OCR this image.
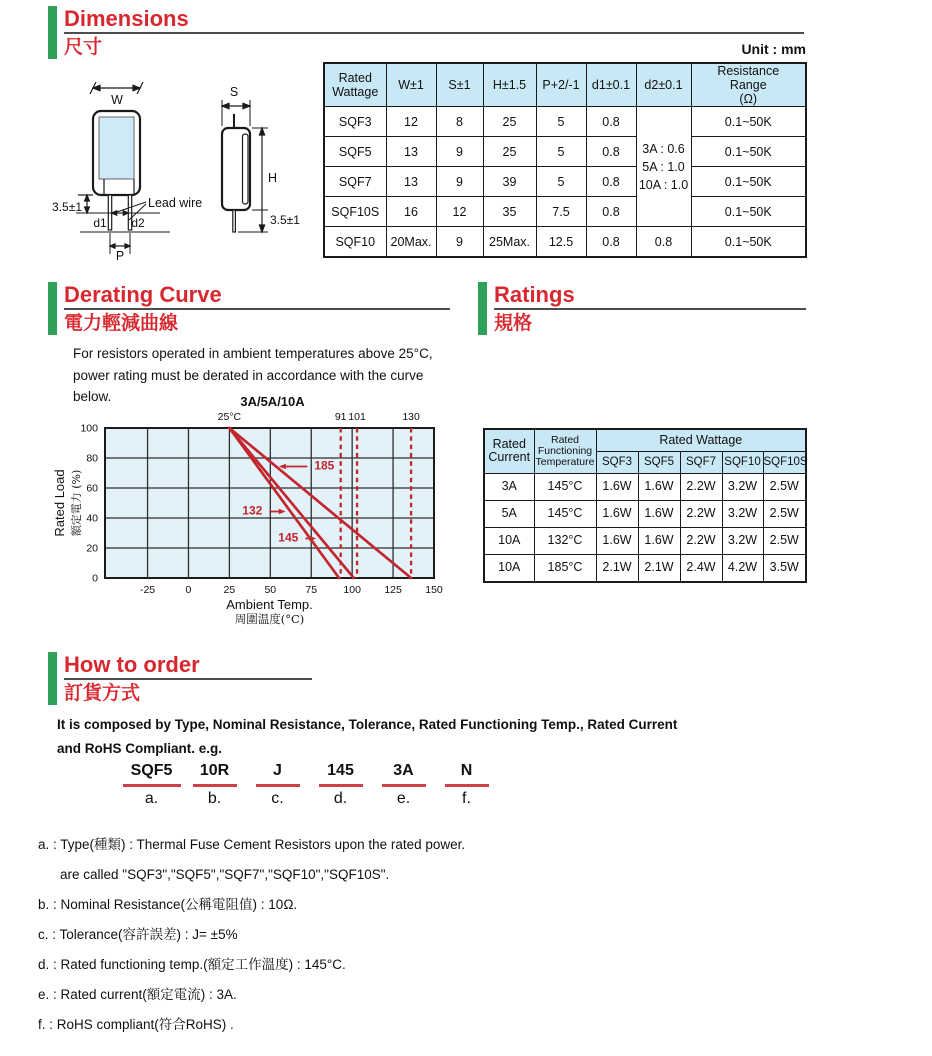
Dimensions
尺寸	Unit : mm
W
3.5±1
d1 d2
Lead wire
P
S
H
3.5±1
Rated
Wattage	W±1	S±1	H±1.5	P+2/-1	d1±0.1	d2±0.1	Resistance
Range
(Ω)
SQF3	12	8	25	5	0.8	3A : 0.6
5A : 1.0
10A : 1.0	0.1~50K
SQF5	13	9	25	5	0.8		0.1~50K
SQF7	13	9	39	5	0.8		0.1~50K
SQF10S	16	12	35	7.5	0.8		0.1~50K
SQF10	20Max.	9	25Max.	12.5	0.8	0.8	0.1~50K
Derating Curve
電力輕減曲線
For resistors operated in ambient temperatures above 25°C,
power rating must be derated in accordance with the curve
below.
91 101	130
25°C
132
145
185
-25	0	25	50	75	100 125 150
0
20
40
60
80
100
3A/5A/10A
Ambient Temp.
周圍温度(°C)
Rated Load 額定電力 (%)
Ratings
規格
Rated
Current	Rated
Functioning
Temperature	Rated Wattage				
		SQF3	SQF5	SQF7	SQF10	SQF10S
3A	145°C	1.6W	1.6W	2.2W	3.2W	2.5W
5A	145°C	1.6W	1.6W	2.2W	3.2W	2.5W
10A	132°C	1.6W	1.6W	2.2W	3.2W	2.5W
10A	185°C	2.1W	2.1W	2.4W	4.2W	3.5W
How to order
訂貨方式
It is composed by Type, Nominal Resistance, Tolerance, Rated Functioning Temp., Rated Current
and RoHS Compliant. e.g.
SQF5
a.
10R
b.
J
c.
145
d.
3A
e.
N
f.
a. : Type(種類) : Thermal Fuse Cement Resistors upon the rated power.
are called "SQF3","SQF5","SQF7","SQF10","SQF10S".
b. : Nominal Resistance(公稱電阻值) : 10Ω.
c. : Tolerance(容許誤差) : J= ±5%
d. : Rated functioning temp.(額定工作溫度) : 145°C.
e. : Rated current(額定電流) : 3A.
f. : RoHS compliant(符合RoHS) .
